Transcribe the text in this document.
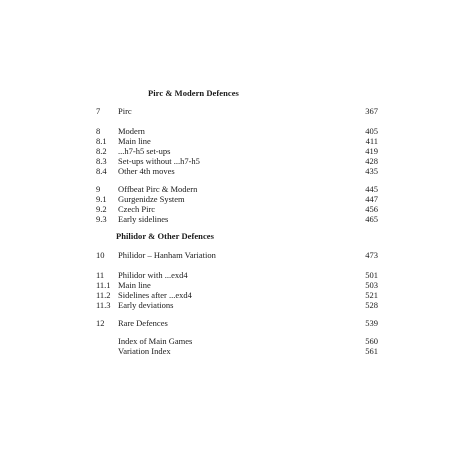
Pirc & Modern Defences
7 Pirc	367
8 Modern	405
8.1 Main line	411
8.2 ...h7-h5 set-ups	419
8.3 Set-ups without ...h7-h5	428
8.4 Other 4th moves	435
9 Offbeat Pirc & Modern	445
9.1 Gurgenidze System	447
9.2 Czech Pirc	456
9.3 Early sidelines	465
Philidor & Other Defences
10 Philidor – Hanham Variation	473
11 Philidor with ...exd4	501
11.1 Main line	503
11.2 Sidelines after ...exd4	521
11.3 Early deviations	528
12 Rare Defences	539
Index of Main Games	560
Variation Index	561
